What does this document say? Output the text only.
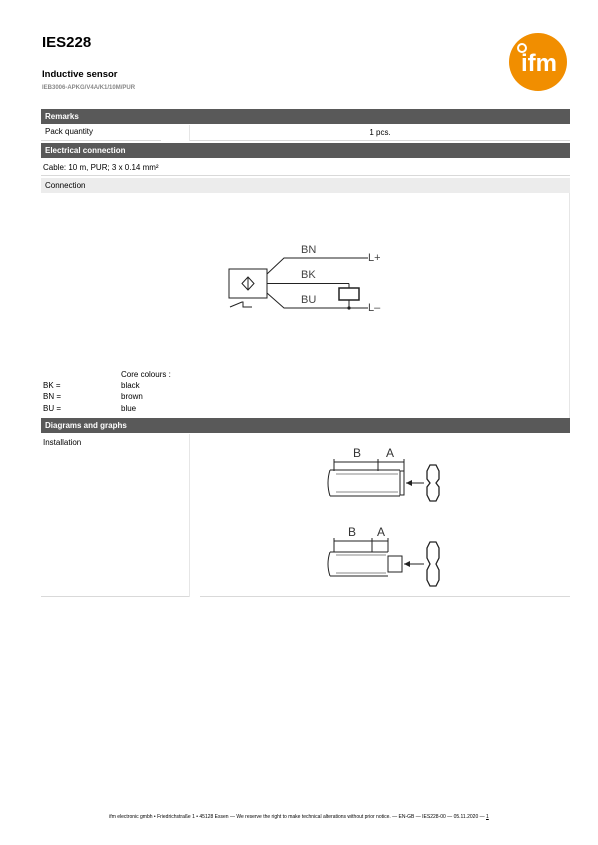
IES228
Inductive sensor
IEB3006-APKG/V4A/K1/10M/PUR
ifm
Remarks
Pack quantity	1 pcs.
Electrical connection
Cable: 10 m, PUR; 3 x 0.14 mm²
Connection
BN
BK
BU
L+
L–
Core colours :
BK =	black
BN =	brown
BU =	blue
Diagrams and graphs
Installation
B A
B A
ifm electronic gmbh • Friedrichstraße 1 • 45128 Essen — We reserve the right to make technical alterations without prior notice. — EN-GB — IES228-00 — 05.11.2020 — 1
